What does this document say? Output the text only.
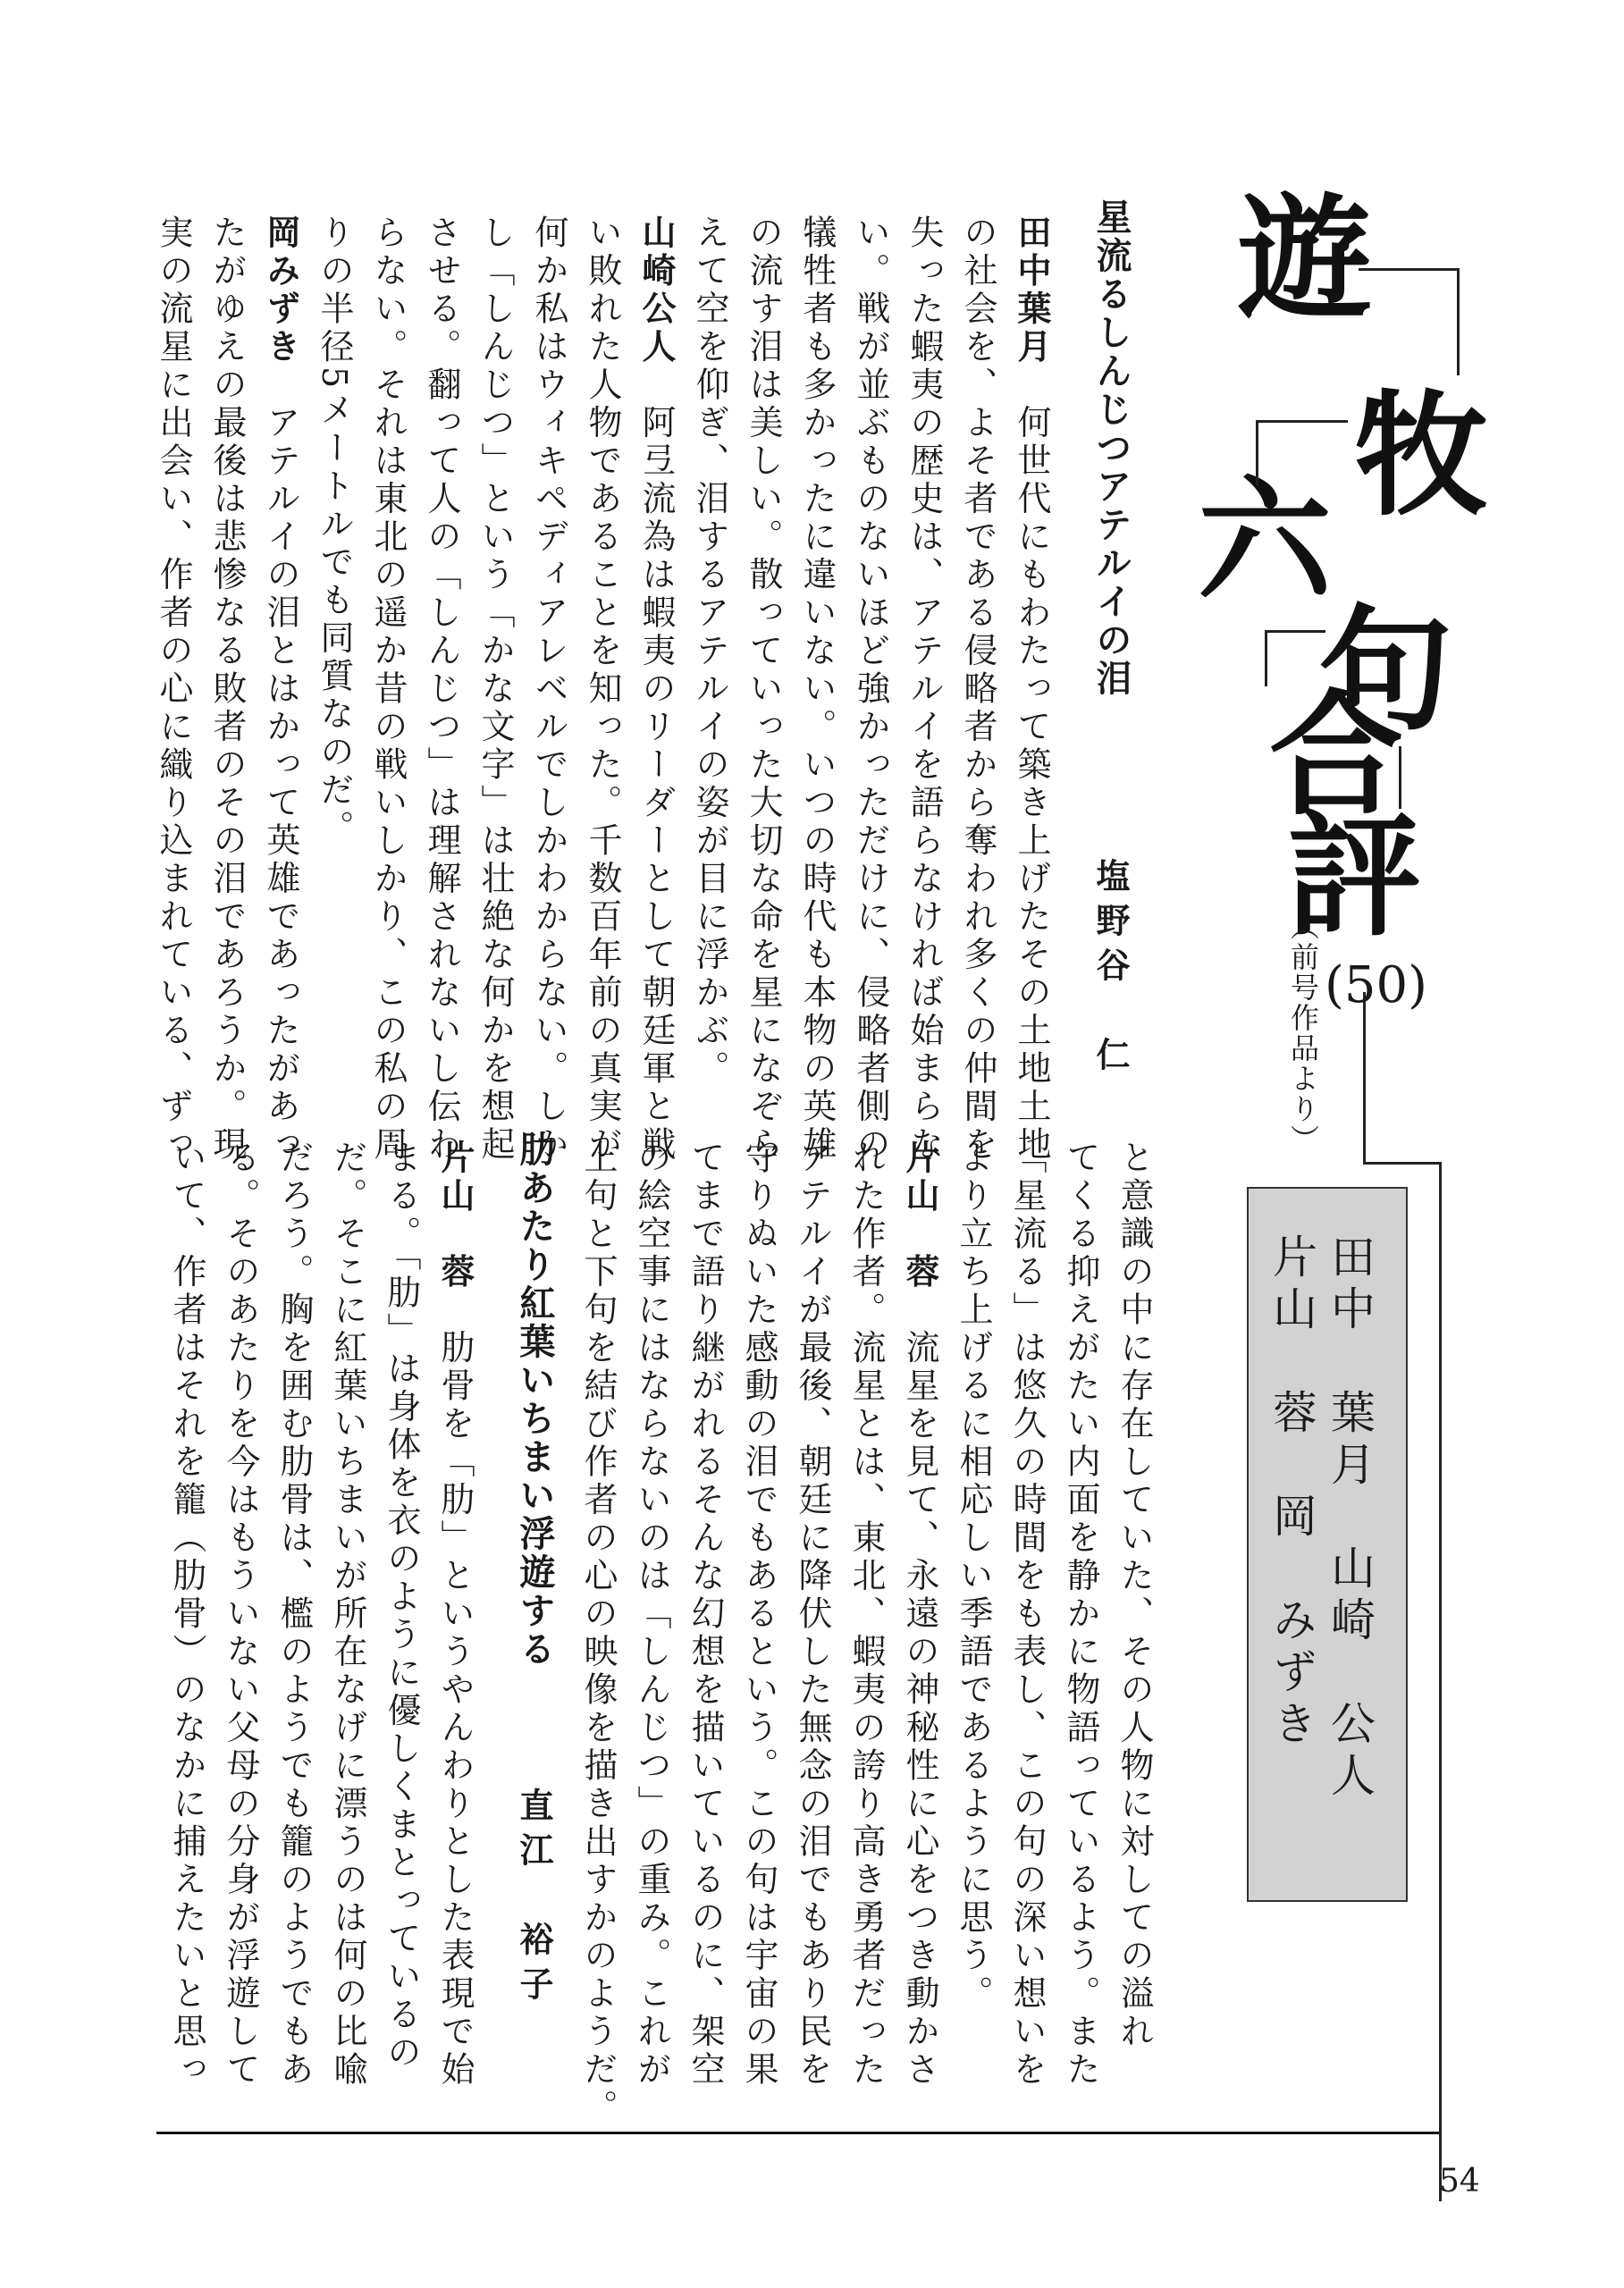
遊
牧
六
句
合
評
（前号作品より） (50)
田中　葉月　山崎　公人
片山　蓉　岡　みずき
星流るしんじつアテルイの泪
塩野谷　仁
田中葉月　何世代にもわたって築き上げたその土地土地
の社会を、よそ者である侵略者から奪われ多くの仲間を
失った蝦夷の歴史は、アテルイを語らなければ始まらな
い。戦が並ぶものないほど強かっただけに、侵略者側の
犠牲者も多かったに違いない。いつの時代も本物の英雄
の流す泪は美しい。散っていった大切な命を星になぞら
えて空を仰ぎ、泪するアテルイの姿が目に浮かぶ。
山崎公人　阿弖流為は蝦夷のリーダーとして朝廷軍と戦
い敗れた人物であることを知った。千数百年前の真実が
何か私はウィキペディアレベルでしかわからない。しか
し「しんじつ」という「かな文字」は壮絶な何かを想起
させる。翻って人の「しんじつ」は理解されないし伝わ
らない。それは東北の遥か昔の戦いしかり、この私の周
りの半径5メートルでも同質なのだ。
岡みずき　アテルイの泪とはかって英雄であったがあっ
たがゆえの最後は悲惨なる敗者のその泪であろうか。現
実の流星に出会い、作者の心に織り込まれている、ずっ
と意識の中に存在していた、その人物に対しての溢れ
てくる抑えがたい内面を静かに物語っているよう。また
「星流る」は悠久の時間をも表し、この句の深い想いを
より立ち上げるに相応しい季語であるように思う。
片山　蓉　流星を見て、永遠の神秘性に心をつき動かさ
れた作者。流星とは、東北、蝦夷の誇り高き勇者だった
アテルイが最後、朝廷に降伏した無念の泪でもあり民を
守りぬいた感動の泪でもあるという。この句は宇宙の果
てまで語り継がれるそんな幻想を描いているのに、架空
の絵空事にはならないのは「しんじつ」の重み。これが
上句と下句を結び作者の心の映像を描き出すかのようだ。
肋あたり紅葉いちまい浮遊する
直江　裕子
片山　蓉　肋骨を「肋」というやんわりとした表現で始
まる。「肋」は身体を衣のように優しくまとっているの
だ。そこに紅葉いちまいが所在なげに漂うのは何の比喩
だろう。胸を囲む肋骨は、檻のようでも籠のようでもあ
る。そのあたりを今はもういない父母の分身が浮遊して
いて、作者はそれを籠（肋骨）のなかに捕えたいと思っ
54
